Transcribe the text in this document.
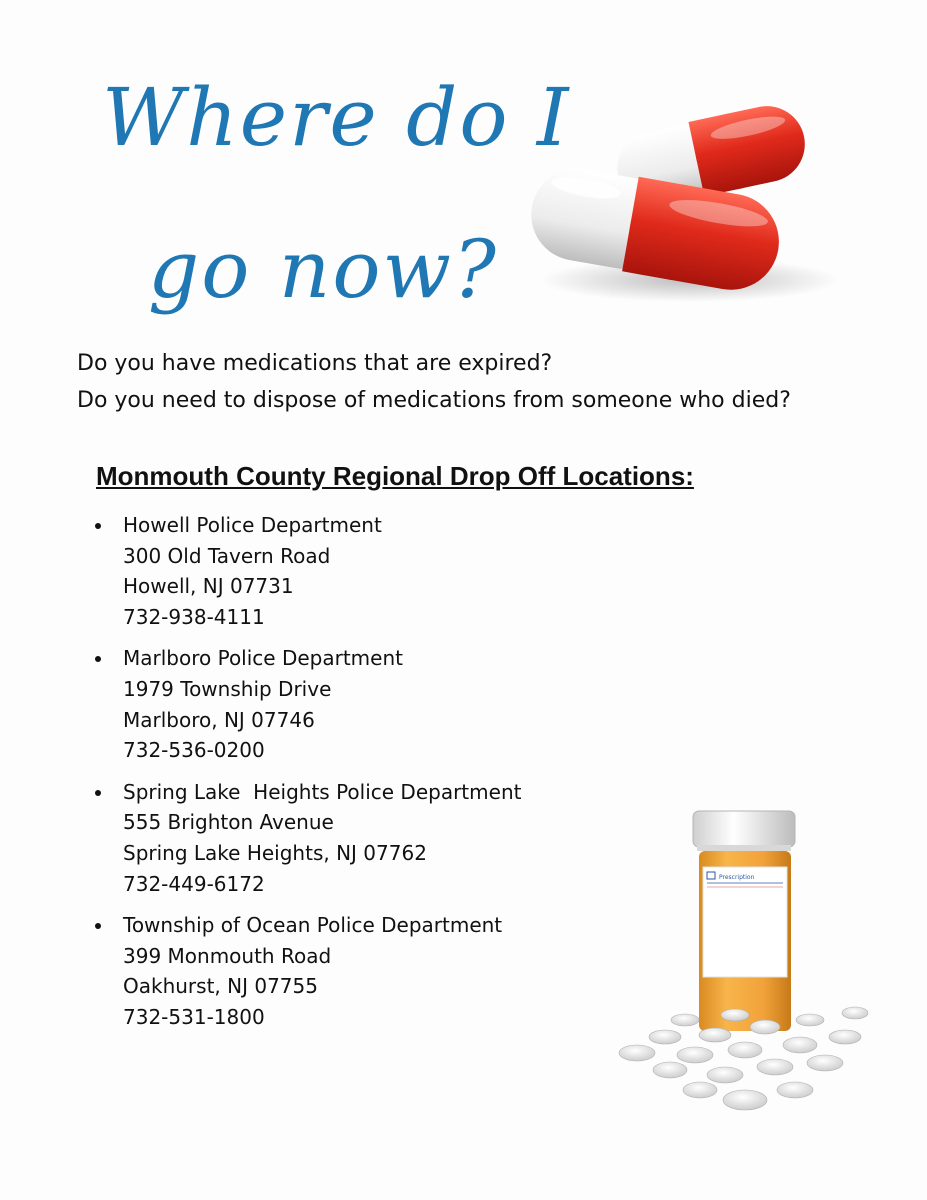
Where do I
go now?
Do you have medications that are expired?
Do you need to dispose of medications from someone who died?
Monmouth County Regional Drop Off Locations:
Howell Police Department
300 Old Tavern Road
Howell, NJ 07731
732-938-4111
Marlboro Police Department
1979 Township Drive
Marlboro, NJ 07746
732-536-0200
Spring Lake  Heights Police Department
555 Brighton Avenue
Spring Lake Heights, NJ 07762
732-449-6172
Township of Ocean Police Department
399 Monmouth Road
Oakhurst, NJ 07755
732-531-1800
Prescription
